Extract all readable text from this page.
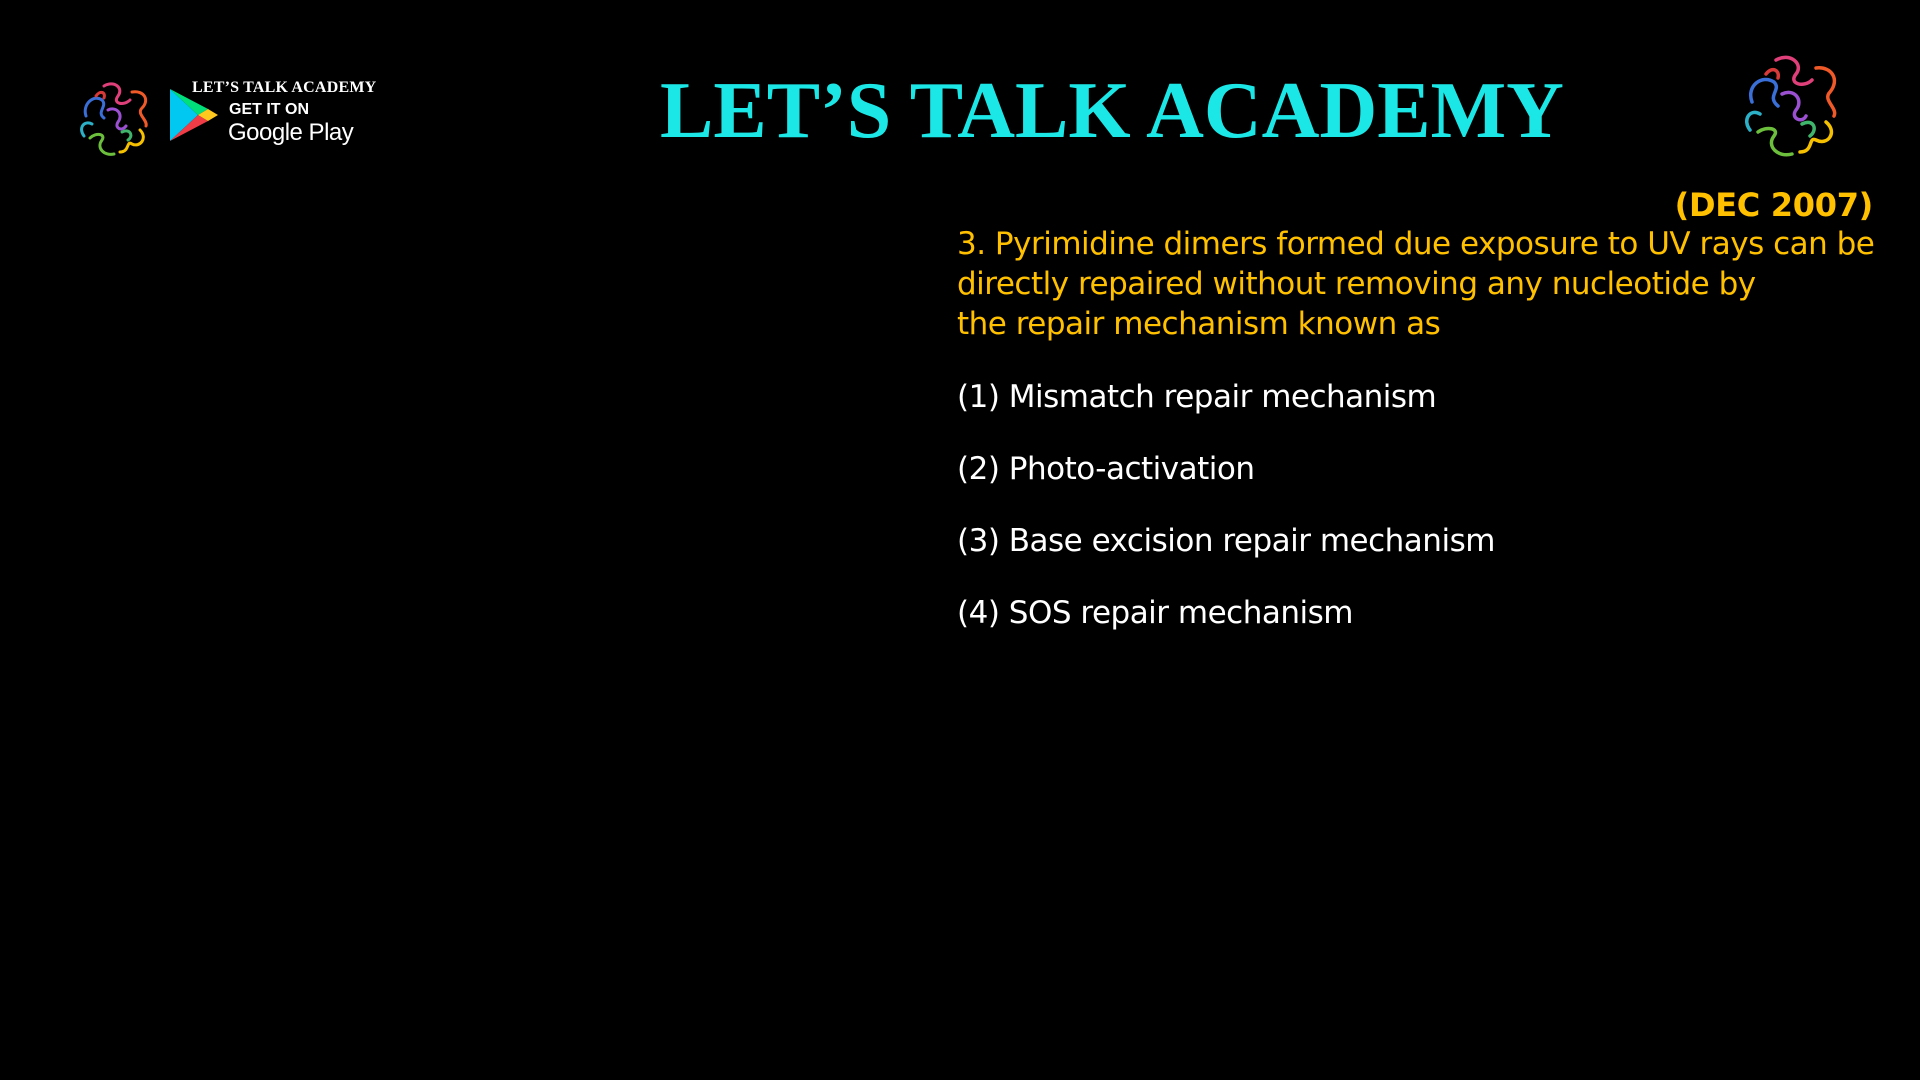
LET’S TALK ACADEMY
GET IT ON
Google Play	LET’S TALK ACADEMY
(DEC 2007)
3. Pyrimidine dimers formed due exposure to UV rays can be
directly repaired without removing any nucleotide by
the repair mechanism known as
(1) Mismatch repair mechanism
(2) Photo-activation
(3) Base excision repair mechanism
(4) SOS repair mechanism
